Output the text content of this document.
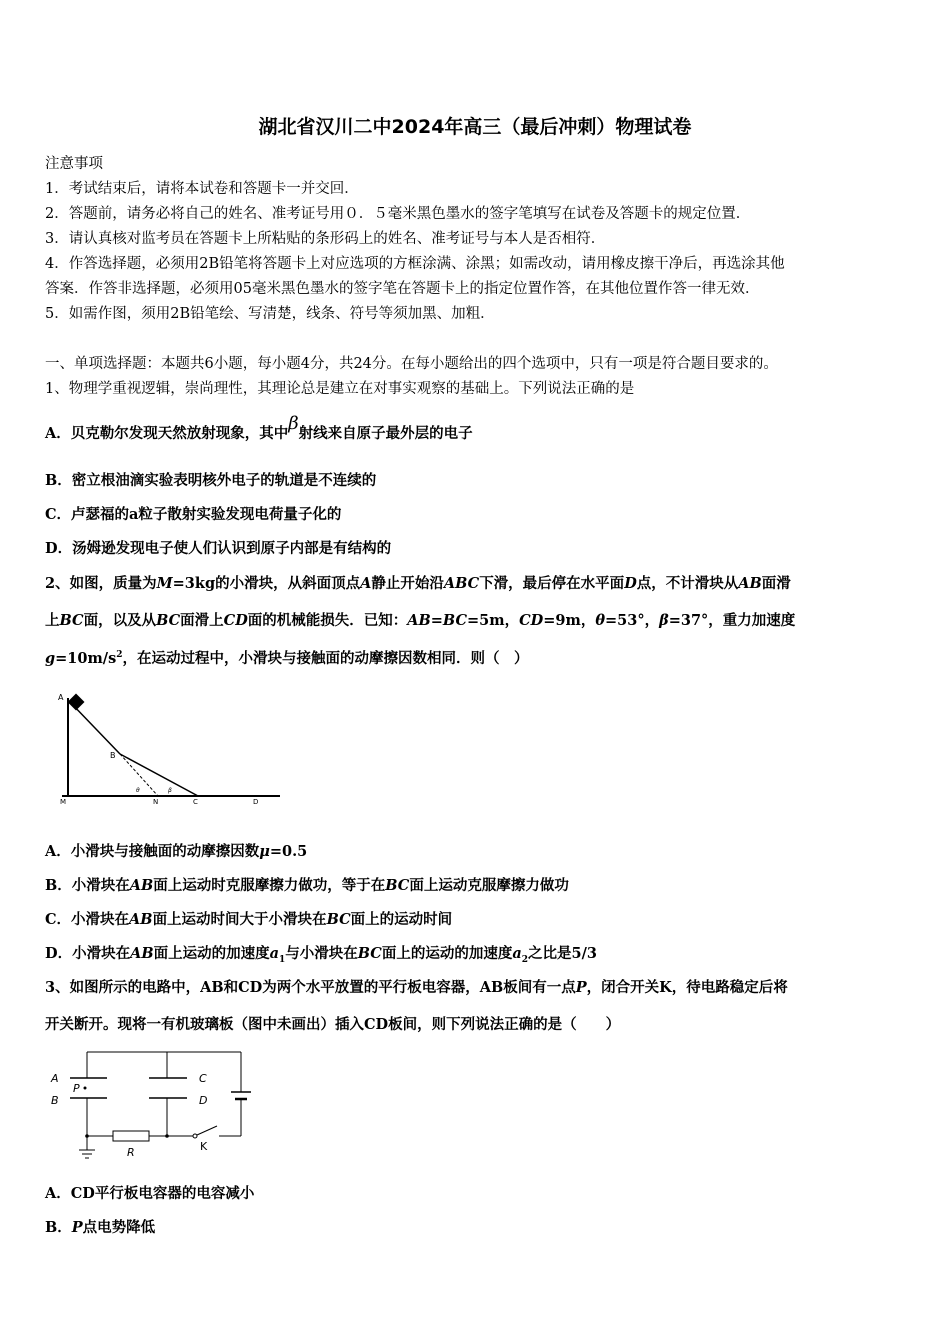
湖北省汉川二中2024年高三（最后冲刺）物理试卷
注意事项
1．考试结束后，请将本试卷和答题卡一并交回．
2．答题前，请务必将自己的姓名、准考证号用０．５毫米黑色墨水的签字笔填写在试卷及答题卡的规定位置．
3．请认真核对监考员在答题卡上所粘贴的条形码上的姓名、准考证号与本人是否相符．
4．作答选择题，必须用2B铅笔将答题卡上对应选项的方框涂满、涂黑；如需改动，请用橡皮擦干净后，再选涂其他
答案．作答非选择题，必须用05毫米黑色墨水的签字笔在答题卡上的指定位置作答，在其他位置作答一律无效．
5．如需作图，须用2B铅笔绘、写清楚，线条、符号等须加黑、加粗．
一、单项选择题：本题共6小题，每小题4分，共24分。在每小题给出的四个选项中，只有一项是符合题目要求的。
1、物理学重视逻辑，崇尚理性，其理论总是建立在对事实观察的基础上。下列说法正确的是
A．贝克勒尔发现天然放射现象，其中β射线来自原子最外层的电子
B．密立根油滴实验表明核外电子的轨道是不连续的
C．卢瑟福的a粒子散射实验发现电荷量子化的
D．汤姆逊发现电子使人们认识到原子内部是有结构的
2、如图，质量为M=3kg的小滑块，从斜面顶点A静止开始沿ABC下滑，最后停在水平面D点，不计滑块从AB面滑
上BC面，以及从BC面滑上CD面的机械能损失．已知：AB=BC=5m，CD=9m，θ=53°，β=37°，重力加速度
$g=10m/s^2$，在运动过程中，小滑块与接触面的动摩擦因数相同．则（　）
A
B
M	N	C	D
θ	β
A．小滑块与接触面的动摩擦因数μ=0.5
B．小滑块在AB面上运动时克服摩擦力做功，等于在BC面上运动克服摩擦力做功
C．小滑块在AB面上运动时间大于小滑块在BC面上的运动时间
D．小滑块在AB面上运动的加速度$a_1$与小滑块在BC面上的运动的加速度$a_2$之比是5/3
3、如图所示的电路中，AB和CD为两个水平放置的平行板电容器，AB板间有一点P，闭合开关K，待电路稳定后将
开关断开。现将一有机玻璃板（图中未画出）插入CD板间，则下列说法正确的是（　　）
A
P
B
C
D
R	K
A．CD平行板电容器的电容减小
B．P点电势降低
